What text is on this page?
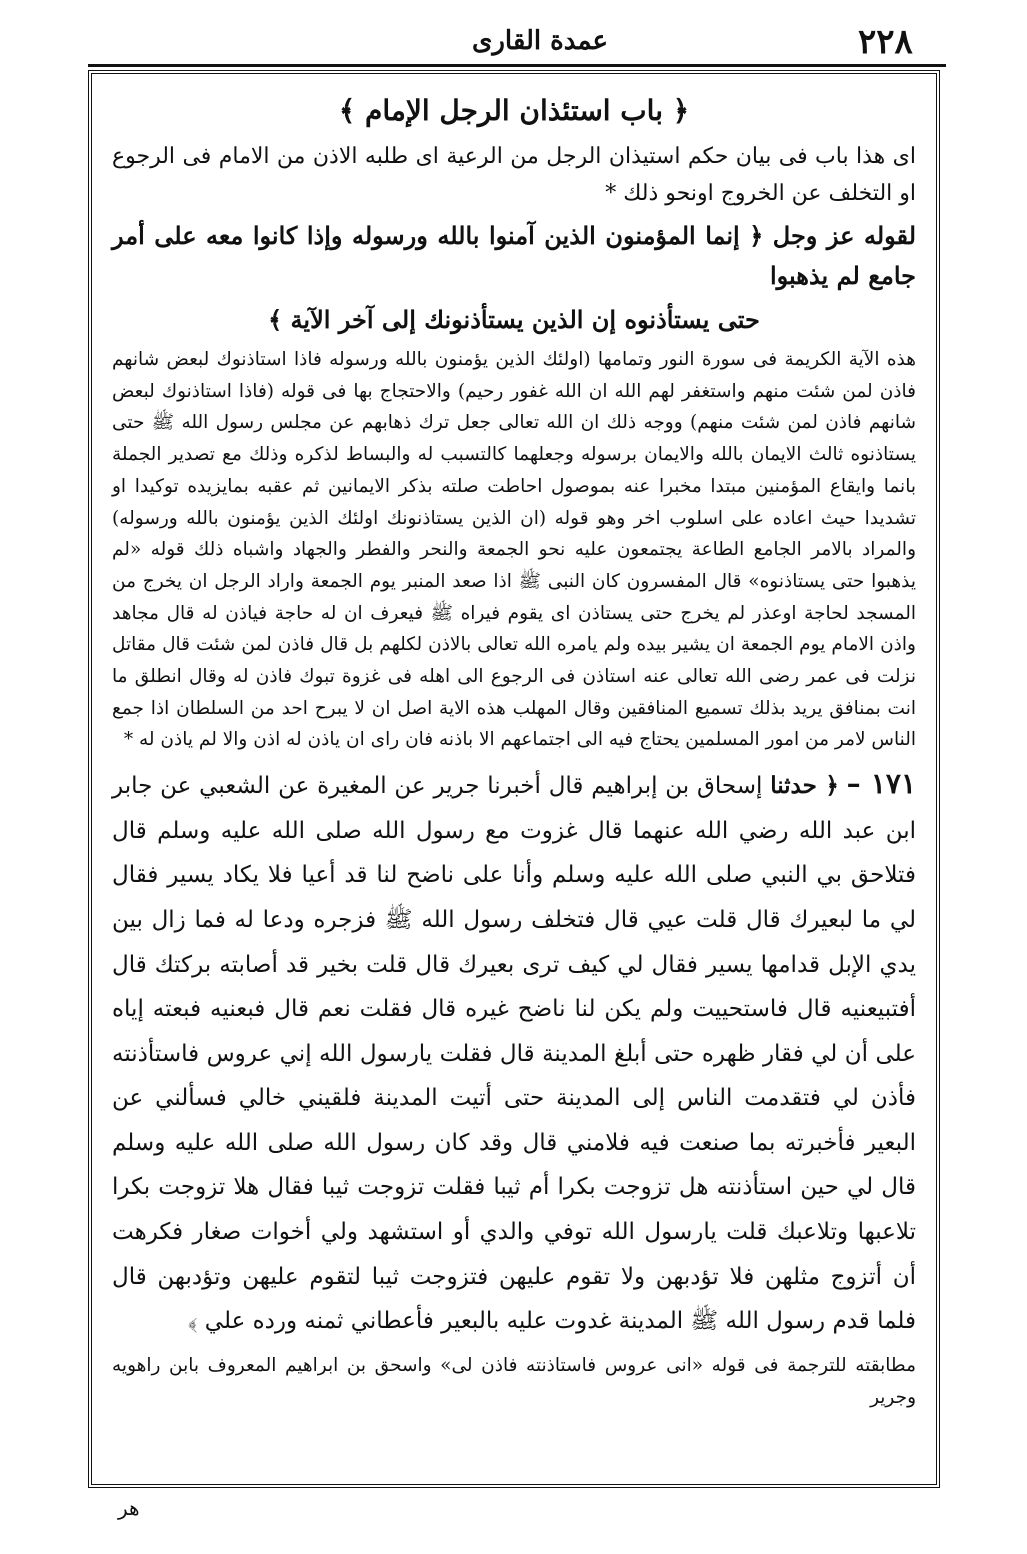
۲۲۸
عمدة القاری
﴿ باب استئذان الرجل الإمام ﴾
ای هذا باب فی بیان حکم استیذان الرجل من الرعیة ای طلبه الاذن من الامام فی الرجوع او التخلف عن الخروج اونحو ذلك *
لقوله عز وجل ﴿ إنما المؤمنون الذين آمنوا بالله ورسوله وإذا كانوا معه على أمر جامع لم يذهبوا
حتى يستأذنوه إن الذين يستأذنونك إلى آخر الآية ﴾
هذه الآیة الکریمة فی سورة النور وتمامها (اولئك الذین یؤمنون بالله ورسوله فاذا استاذنوك لبعض شانهم فاذن لمن شئت منهم واستغفر لهم الله ان الله غفور رحیم) والاحتجاج بها فی قوله (فاذا استاذنوك لبعض شانهم فاذن لمن شئت منهم) ووجه ذلك ان الله تعالی جعل ترك ذهابهم عن مجلس رسول الله ﷺ حتی یستاذنوه ثالث الایمان بالله والایمان برسوله وجعلهما کالتسبب له والبساط لذکره وذلك مع تصدیر الجملة بانما وایقاع المؤمنین مبتدا مخبرا عنه بموصول احاطت صلته بذکر الایمانین ثم عقبه بمایزیده توکیدا او تشدیدا حیث اعاده علی اسلوب اخر وهو قوله (ان الذین یستاذنونك اولئك الذین یؤمنون بالله ورسوله) والمراد بالامر الجامع الطاعة یجتمعون علیه نحو الجمعة والنحر والفطر والجهاد واشباه ذلك قوله «لم یذهبوا حتی یستاذنوه» قال المفسرون کان النبی ﷺ اذا صعد المنبر یوم الجمعة واراد الرجل ان یخرج من المسجد لحاجة اوعذر لم یخرج حتی یستاذن ای یقوم فیراه ﷺ فیعرف ان له حاجة فیاذن له قال مجاهد واذن الامام یوم الجمعة ان یشیر بیده ولم یامره الله تعالی بالاذن لکلهم بل قال فاذن لمن شئت قال مقاتل نزلت فی عمر رضی الله تعالی عنه استاذن فی الرجوع الی اهله فی غزوة تبوك فاذن له وقال انطلق ما انت بمنافق یرید بذلك تسمیع المنافقین وقال المهلب هذه الایة اصل ان لا یبرح احد من السلطان اذا جمع الناس لامر من امور المسلمین یحتاج فیه الی اجتماعهم الا باذنه فان رای ان یاذن له اذن والا لم یاذن له *
۱۷۱ – ﴿ حدثنا إسحاق بن إبراهيم قال أخبرنا جرير عن المغيرة عن الشعبي عن جابر ابن عبد الله رضي الله عنهما قال غزوت مع رسول الله صلى الله عليه وسلم قال فتلاحق بي النبي صلى الله عليه وسلم وأنا على ناضح لنا قد أعيا فلا يكاد يسير فقال لي ما لبعيرك قال قلت عيي قال فتخلف رسول الله ﷺ فزجره ودعا له فما زال بين يدي الإبل قدامها يسير فقال لي كيف ترى بعيرك قال قلت بخير قد أصابته بركتك قال أفتبيعنيه قال فاستحييت ولم يكن لنا ناضح غيره قال فقلت نعم قال فبعنيه فبعته إياه على أن لي فقار ظهره حتى أبلغ المدينة قال فقلت يارسول الله إني عروس فاستأذنته فأذن لي فتقدمت الناس إلى المدينة حتى أتيت المدينة فلقيني خالي فسألني عن البعير فأخبرته بما صنعت فيه فلامني قال وقد كان رسول الله صلى الله عليه وسلم قال لي حين استأذنته هل تزوجت بكرا أم ثيبا فقلت تزوجت ثيبا فقال هلا تزوجت بكرا تلاعبها وتلاعبك قلت يارسول الله توفي والدي أو استشهد ولي أخوات صغار فكرهت أن أتزوج مثلهن فلا تؤدبهن ولا تقوم عليهن فتزوجت ثيبا لتقوم عليهن وتؤدبهن قال فلما قدم رسول الله ﷺ المدينة غدوت عليه بالبعير فأعطاني ثمنه ورده علي ﴾
مطابقته للترجمة فی قوله «انی عروس فاستاذنته فاذن لی» واسحق بن ابراهیم المعروف بابن راهویه وجریر
هر
